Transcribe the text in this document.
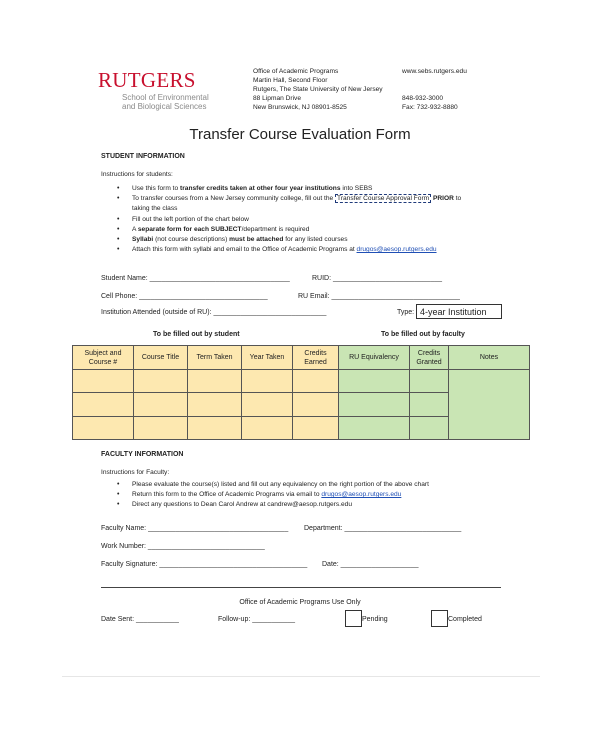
RUTGERS
School of Environmental
and Biological Sciences
Office of Academic Programs
Martin Hall, Second Floor
Rutgers, The State University of New Jersey
88 Lipman Drive
New Brunswick, NJ 08901-8525
www.sebs.rutgers.edu
848-932-3000
Fax: 732-932-8880
Transfer Course Evaluation Form
STUDENT INFORMATION
Instructions for students:
• Use this form to transfer credits taken at other four year institutions into SEBS
• To transfer courses from a New Jersey community college, fill out the Transfer Course Approval Form PRIOR to
taking the class
• Fill out the left portion of the chart below
• A separate form for each SUBJECT/department is required
• Syllabi (not course descriptions) must be attached for any listed courses
• Attach this form with syllabi and email to the Office of Academic Programs at drugos@aesop.rutgers.edu
Student Name: ____________________________________	RUID: ____________________________
Cell Phone: _________________________________	RU Email: _________________________________
Institution Attended (outside of RU): _____________________________	Type: 4-year Institution
To be filled out by student	To be filled out by faculty
Subject and Course #	Course Title	Term Taken	Year Taken	Credits Earned	RU Equivalency	Credits Granted	Notes

FACULTY INFORMATION
Instructions for Faculty:
• Please evaluate the course(s) listed and fill out any equivalency on the right portion of the above chart
• Return this form to the Office of Academic Programs via email to drugos@aesop.rutgers.edu
• Direct any questions to Dean Carol Andrew at candrew@aesop.rutgers.edu
Faculty Name: ____________________________________ Department: ______________________________
Work Number: ______________________________
Faculty Signature: ______________________________________ Date: ____________________
Office of Academic Programs Use Only
Date Sent: ___________	Follow-up: ___________	Pending	Completed
